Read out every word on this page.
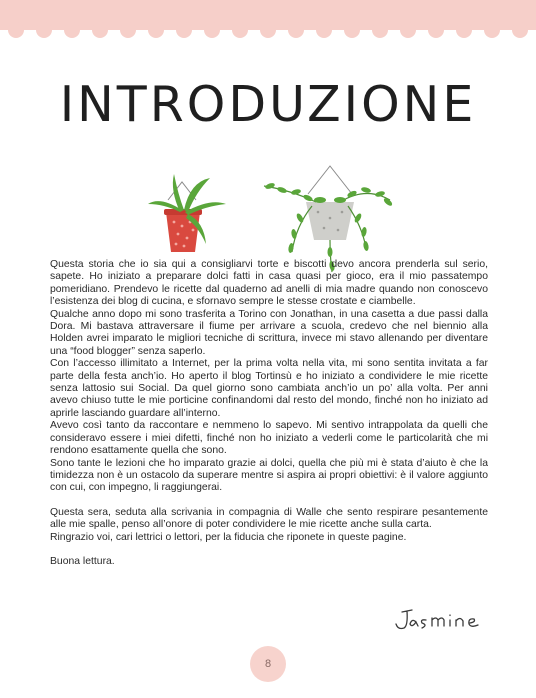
INTRODUZIONE

Questa storia che io sia qui a consigliarvi torte e biscotti devo ancora prenderla sul serio, sapete. Ho iniziato a preparare dolci fatti in casa quasi per gioco, era il mio passatempo pomeridiano. Prendevo le ricette dal quaderno ad anelli di mia madre quando non conoscevo l’esistenza dei blog di cucina, e sfornavo sempre le stesse crostate e ciambelle.

Qualche anno dopo mi sono trasferita a Torino con Jonathan, in una casetta a due passi dalla Dora. Mi bastava attraversare il fiume per arrivare a scuola, credevo che nel biennio alla Holden avrei imparato le migliori tecniche di scrittura, invece mi stavo allenando per diventare una “food blogger” senza saperlo.

Con l’accesso illimitato a Internet, per la prima volta nella vita, mi sono sentita invitata a far parte della festa anch’io. Ho aperto il blog Tortinsù e ho iniziato a condividere le mie ricette senza lattosio sui Social. Da quel giorno sono cambiata anch’io un po’ alla volta. Per anni avevo chiuso tutte le mie porticine confinandomi dal resto del mondo, finché non ho iniziato ad aprirle lasciando guardare all’interno.

Avevo così tanto da raccontare e nemmeno lo sapevo. Mi sentivo intrappolata da quelli che consideravo essere i miei difetti, finché non ho iniziato a vederli come le particolarità che mi rendono esattamente quella che sono.

Sono tante le lezioni che ho imparato grazie ai dolci, quella che più mi è stata d’aiuto è che la timidezza non è un ostacolo da superare mentre si aspira ai propri obiettivi: è il valore aggiunto con cui, con impegno, li raggiungerai.

Questa sera, seduta alla scrivania in compagnia di Walle che sento respirare pesantemente alle mie spalle, penso all’onore di poter condividere le mie ricette anche sulla carta.

Ringrazio voi, cari lettrici o lettori, per la fiducia che riponete in queste pagine.

Buona lettura.

8
